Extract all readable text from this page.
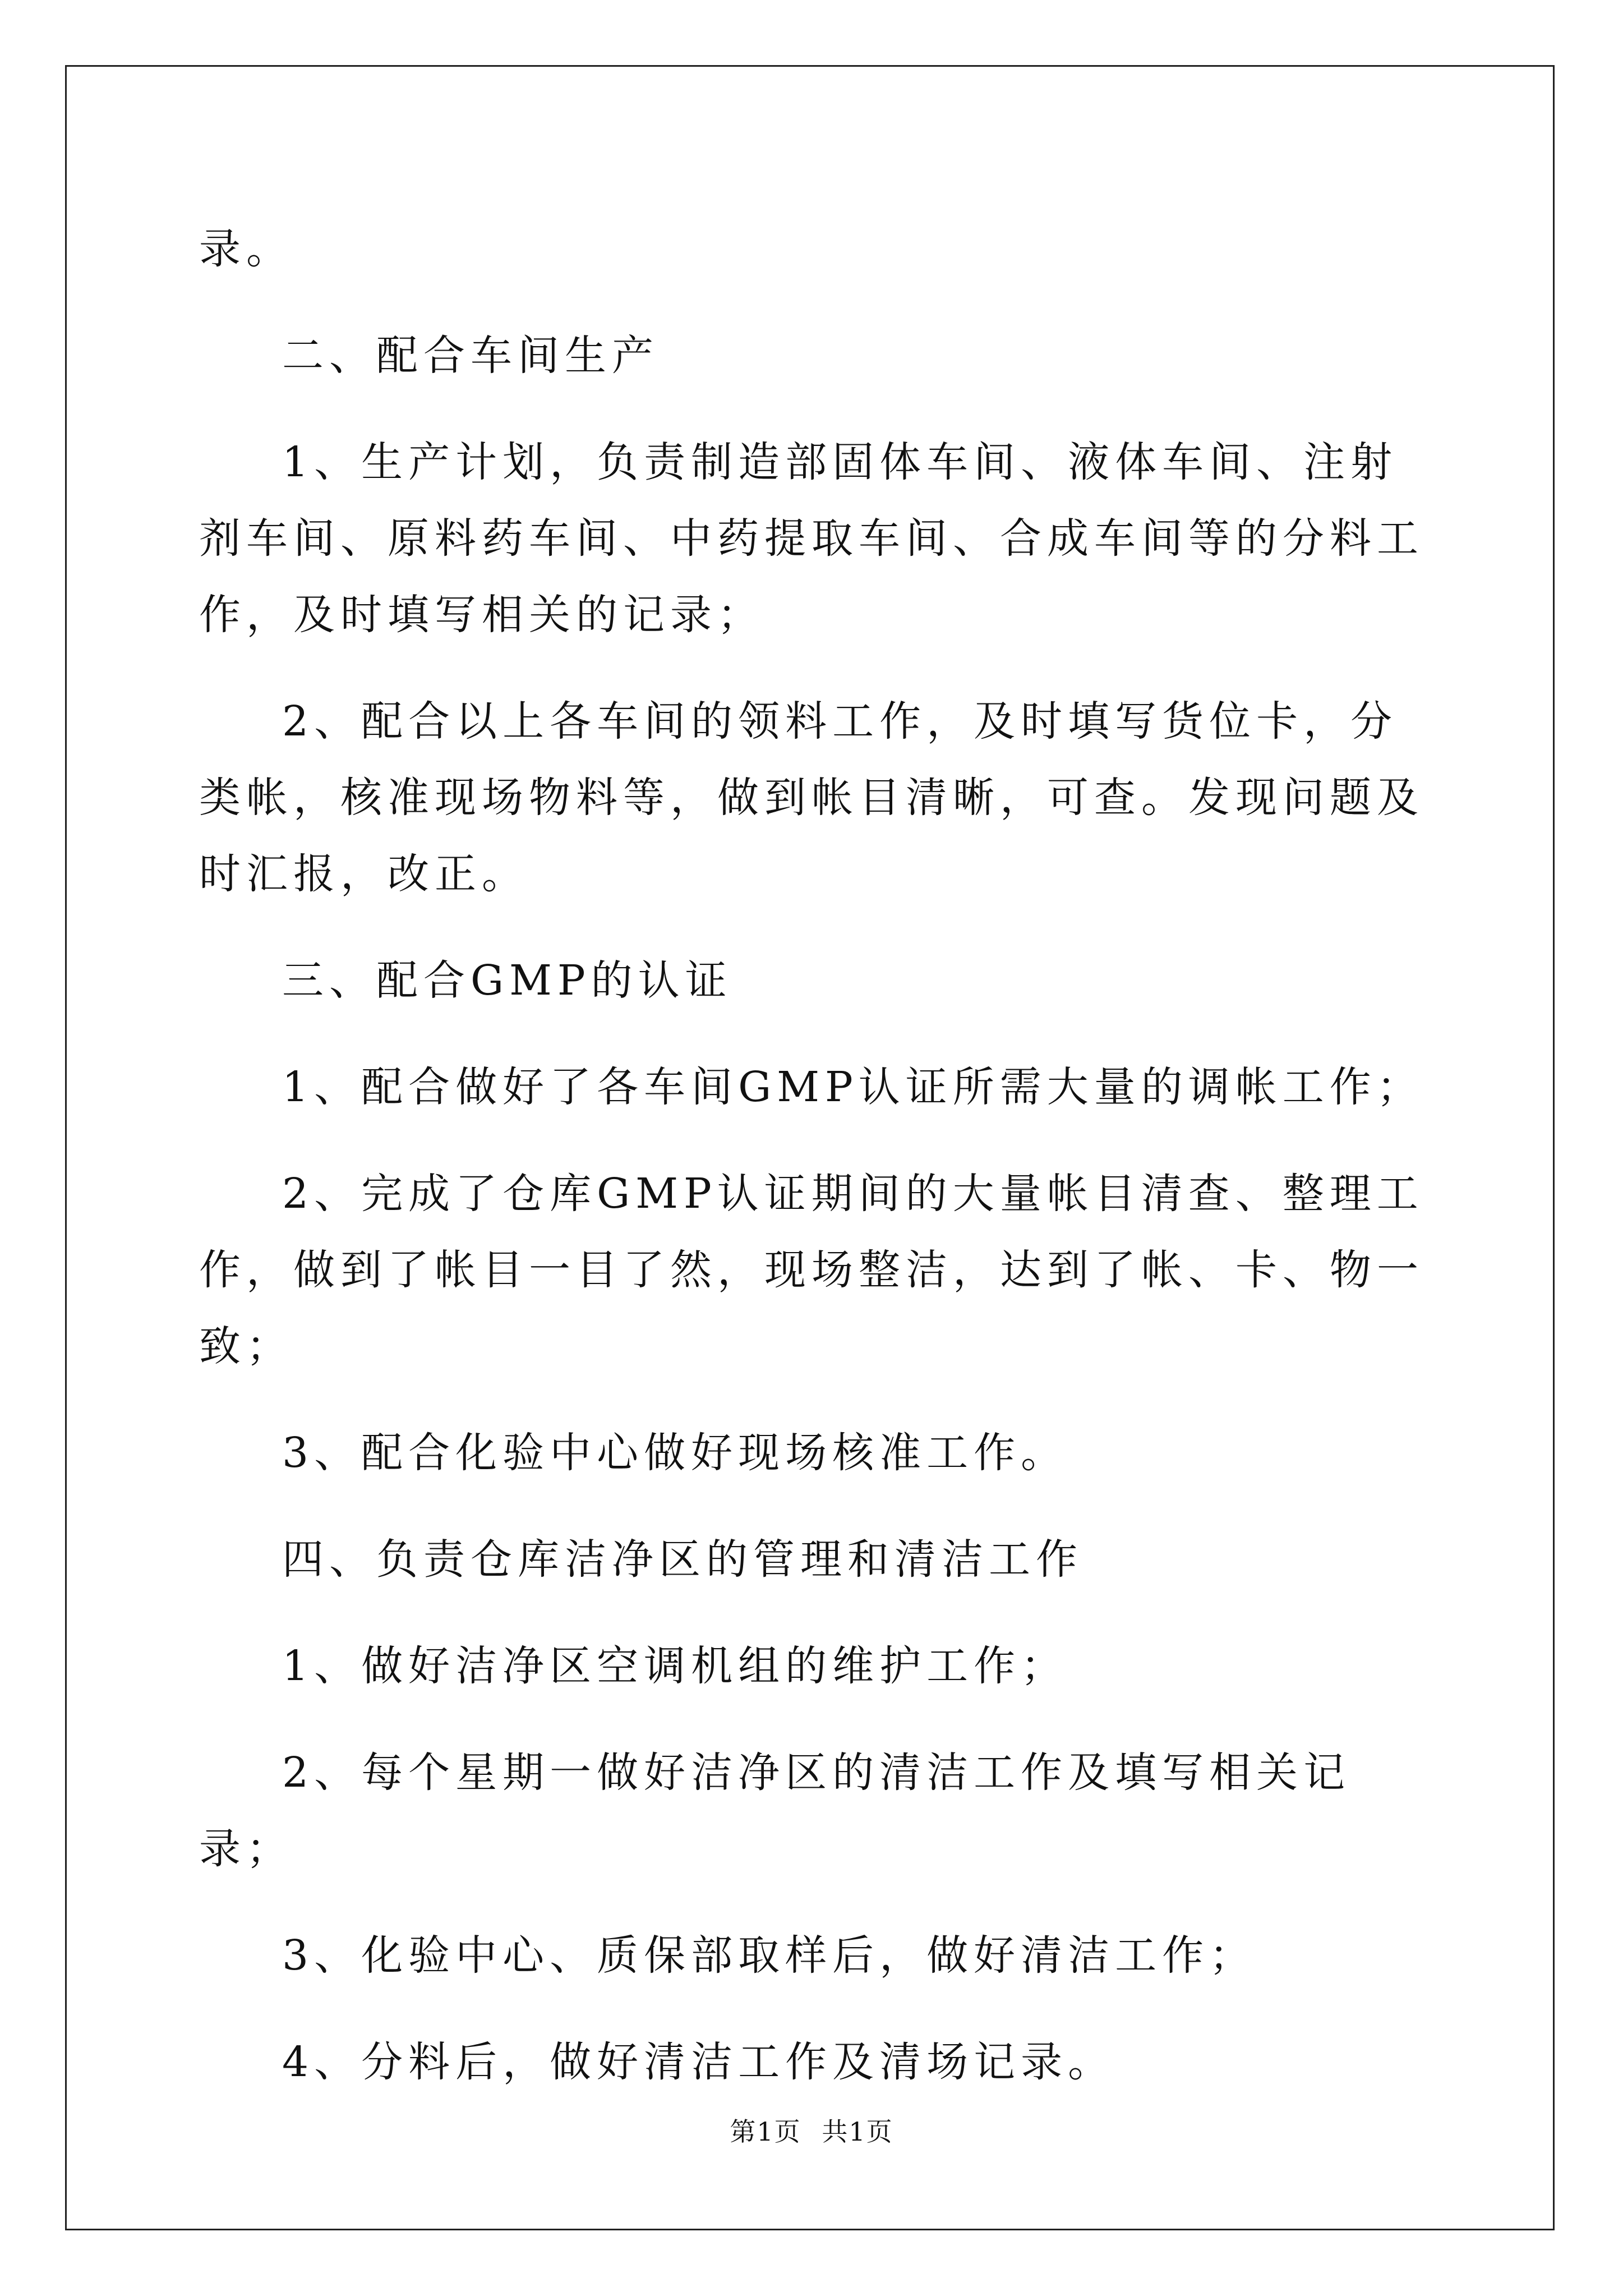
录。

二、配合车间生产

1、生产计划，负责制造部固体车间、液体车间、注射剂车间、原料药车间、中药提取车间、合成车间等的分料工作，及时填写相关的记录；

2、配合以上各车间的领料工作，及时填写货位卡，分类帐，核准现场物料等，做到帐目清晰，可查。发现问题及时汇报，改正。

三、配合GMP的认证

1、配合做好了各车间GMP认证所需大量的调帐工作；

2、完成了仓库GMP认证期间的大量帐目清查、整理工作，做到了帐目一目了然，现场整洁，达到了帐、卡、物一致；

3、配合化验中心做好现场核准工作。

四、负责仓库洁净区的管理和清洁工作

1、做好洁净区空调机组的维护工作；

2、每个星期一做好洁净区的清洁工作及填写相关记录；

3、化验中心、质保部取样后，做好清洁工作；

4、分料后，做好清洁工作及清场记录。

第1页 共1页
